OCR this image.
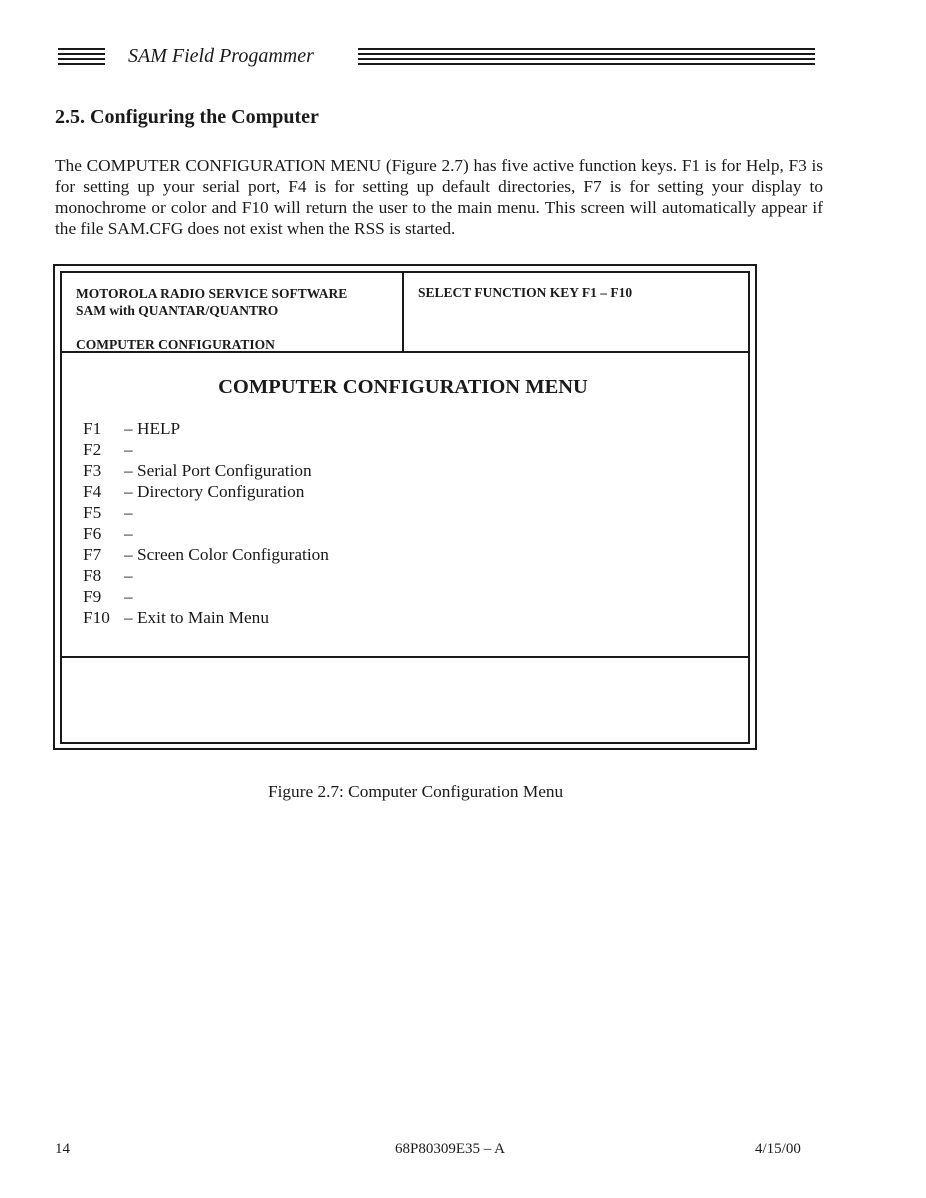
SAM Field Progammer
2.5. Configuring the Computer
The COMPUTER CONFIGURATION MENU (Figure 2.7) has five active function keys. F1 is for Help, F3 is for setting up your serial port, F4 is for setting up default directories, F7 is for setting your display to monochrome or color and F10 will return the user to the main menu. This screen will automatically appear if the file SAM.CFG does not exist when the RSS is started.
MOTOROLA RADIO SERVICE SOFTWARE
SAM with QUANTAR/QUANTRO
COMPUTER CONFIGURATION
SELECT FUNCTION KEY F1 – F10
COMPUTER CONFIGURATION MENU
F1 – HELP
F2 –
F3 – Serial Port Configuration
F4 – Directory Configuration
F5 –
F6 –
F7 – Screen Color Configuration
F8 –
F9 –
F10 – Exit to Main Menu
Figure 2.7: Computer Configuration Menu
14	68P80309E35 – A	4/15/00
